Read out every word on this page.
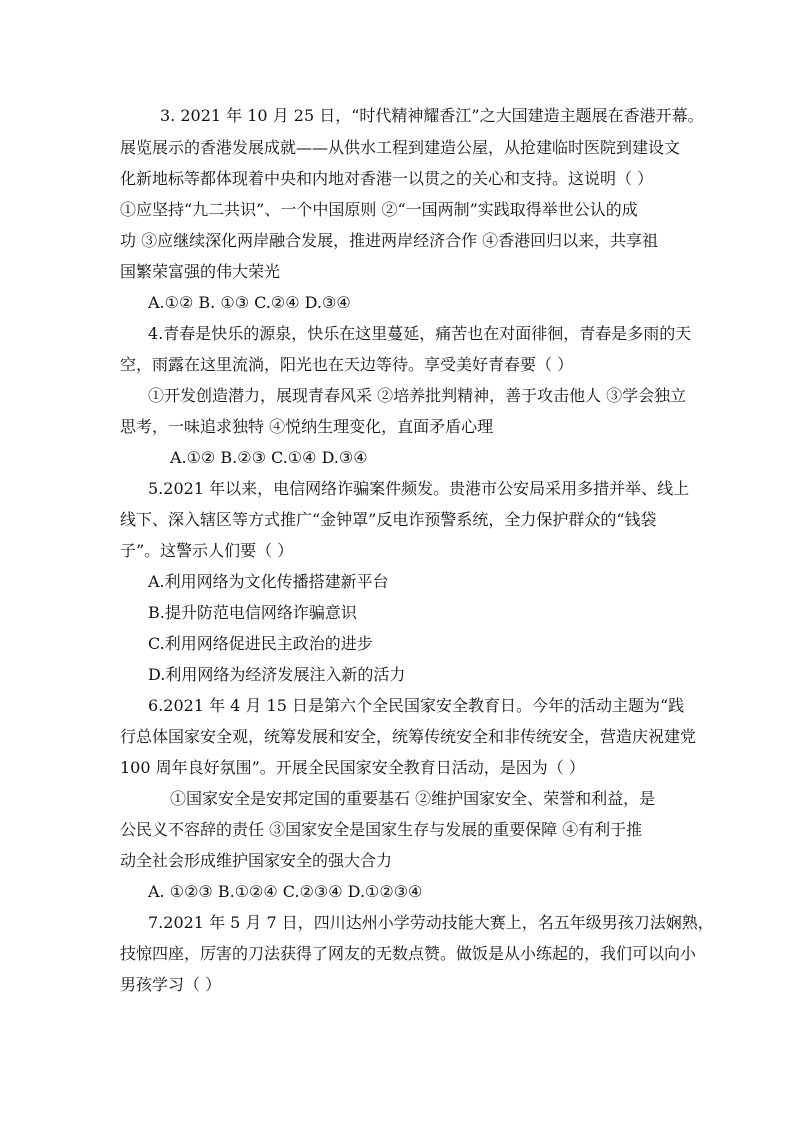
3. 2021 年 10 月 25 日，“时代精神耀香江”之大国建造主题展在香港开幕。
展览展示的香港发展成就——从供水工程到建造公屋，从抢建临时医院到建设文
化新地标等都体现着中央和内地对香港一以贯之的关心和支持。这说明（ ）
①应坚持“九二共识”、一个中国原则 ②“一国两制”实践取得举世公认的成
功 ③应继续深化两岸融合发展，推进两岸经济合作 ④香港回归以来，共享祖
国繁荣富强的伟大荣光
A.①② B. ①③ C.②④ D.③④
4.青春是快乐的源泉，快乐在这里蔓延，痛苦也在对面徘徊，青春是多雨的天
空，雨露在这里流淌，阳光也在天边等待。享受美好青春要（ ）
①开发创造潜力，展现青春风采 ②培养批判精神，善于攻击他人 ③学会独立
思考，一味追求独特 ④悦纳生理变化，直面矛盾心理
A.①② B.②③ C.①④ D.③④
5.2021 年以来，电信网络诈骗案件频发。贵港市公安局采用多措并举、线上
线下、深入辖区等方式推广“金钟罩”反电诈预警系统，全力保护群众的“钱袋
子”。这警示人们要（ ）
A.利用网络为文化传播搭建新平台
B.提升防范电信网络诈骗意识
C.利用网络促进民主政治的进步
D.利用网络为经济发展注入新的活力
6.2021 年 4 月 15 日是第六个全民国家安全教育日。今年的活动主题为“践
行总体国家安全观，统筹发展和安全，统筹传统安全和非传统安全，营造庆祝建党
100 周年良好氛围”。开展全民国家安全教育日活动，是因为（ ）
①国家安全是安邦定国的重要基石 ②维护国家安全、荣誉和利益，是
公民义不容辞的责任 ③国家安全是国家生存与发展的重要保障 ④有利于推
动全社会形成维护国家安全的强大合力
A. ①②③ B.①②④ C.②③④ D.①②③④
7.2021 年 5 月 7 日，四川达州小学劳动技能大赛上，名五年级男孩刀法娴熟，
技惊四座，厉害的刀法获得了网友的无数点赞。做饭是从小练起的，我们可以向小
男孩学习（ ）
